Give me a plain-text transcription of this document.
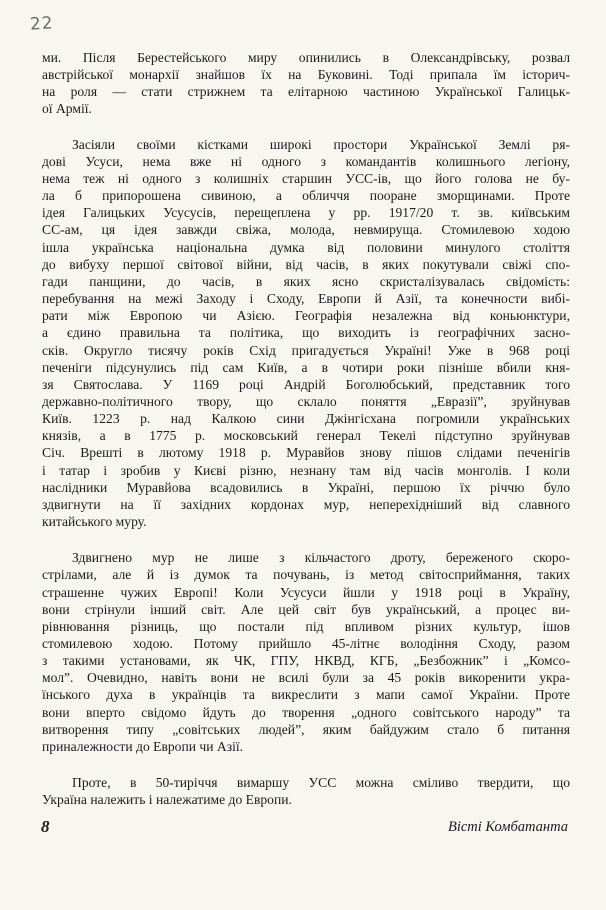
22
ми. Після Берестейського миру опинились в Олександрівську, розвал
австрійської монархії знайшов їх на Буковині. Тоді припала їм історич-
на роля — стати стрижнем та елітарною частиною Української Галицьк-
ої Армії.
Засіяли своїми кістками широкі простори Української Землі ря-
дові Усуси, нема вже ні одного з командантів колишнього легіону,
нема теж ні одного з колишніх старшин УСС-ів, що його голова не бу-
ла б припорошена сивиною, а обличчя пооране зморщинами. Проте
ідея Галицьких Усусусів, перещеплена у рр. 1917/20 т. зв. київським
СС-ам, ця ідея завжди свіжа, молода, невмируща. Стомилевою ходою
ішла українська національна думка від половини минулого століття
до вибуху першої світової війни, від часів, в яких покутували свіжі спо-
гади панщини, до часів, в яких ясно скристалізувалась свідомість:
перебування на межі Заходу і Сходу, Европи й Азії, та конечности вибі-
рати між Европою чи Азією. Географія незалежна від коньюнктури,
а єдино правильна та політика, що виходить із географічних засно-
сків. Округло тисячу років Схід пригадується Україні! Уже в 968 році
печеніги підсунулись під сам Київ, а в чотири роки пізніше вбили кня-
зя Святослава. У 1169 році Андрій Боголюбський, представник того
державно-політичного твору, що склало поняття „Евразії”, зруйнував
Київ. 1223 р. над Калкою сини Джінгісхана погромили українських
князів, а в 1775 р. московський генерал Текелі підступно зруйнував
Січ. Врешті в лютому 1918 р. Муравйов знову пішов слідами печенігів
і татар і зробив у Києві різню, незнану там від часів монголів. І коли
наслідники Муравйова всадовились в Україні, першою їх річчю було
здвигнути на її західних кордонах мур, неперехідніший від славного
китайського муру.
Здвигнено мур не лише з кільчастого дроту, береженого скоро-
стрілами, але й із думок та почувань, із метод світосприймання, таких
страшенне чужих Европі! Коли Усусуси йшли у 1918 році в Україну,
вони стрінули інший світ. Але цей світ був український, а процес ви-
рівнювання різниць, що постали під впливом різних культур, ішов
стомилевою ходою. Потому прийшло 45-літнє володіння Сходу, разом
з такими установами, як ЧК, ГПУ, НКВД, КГБ, „Безбожник” і „Комсо-
мол”. Очевидно, навіть вони не всилі були за 45 років викоренити укра-
їнського духа в українців та викреслити з мапи самої України. Проте
вони вперто свідомо йдуть до творення „одного совітського народу” та
витворення типу „совітських людей”, яким байдужим стало б питання
приналежности до Европи чи Азії.
Проте, в 50-тиріччя вимаршу УСС можна сміливо твердити, що
Україна належить і належатиме до Европи.
8	Вісті Комбатанта
